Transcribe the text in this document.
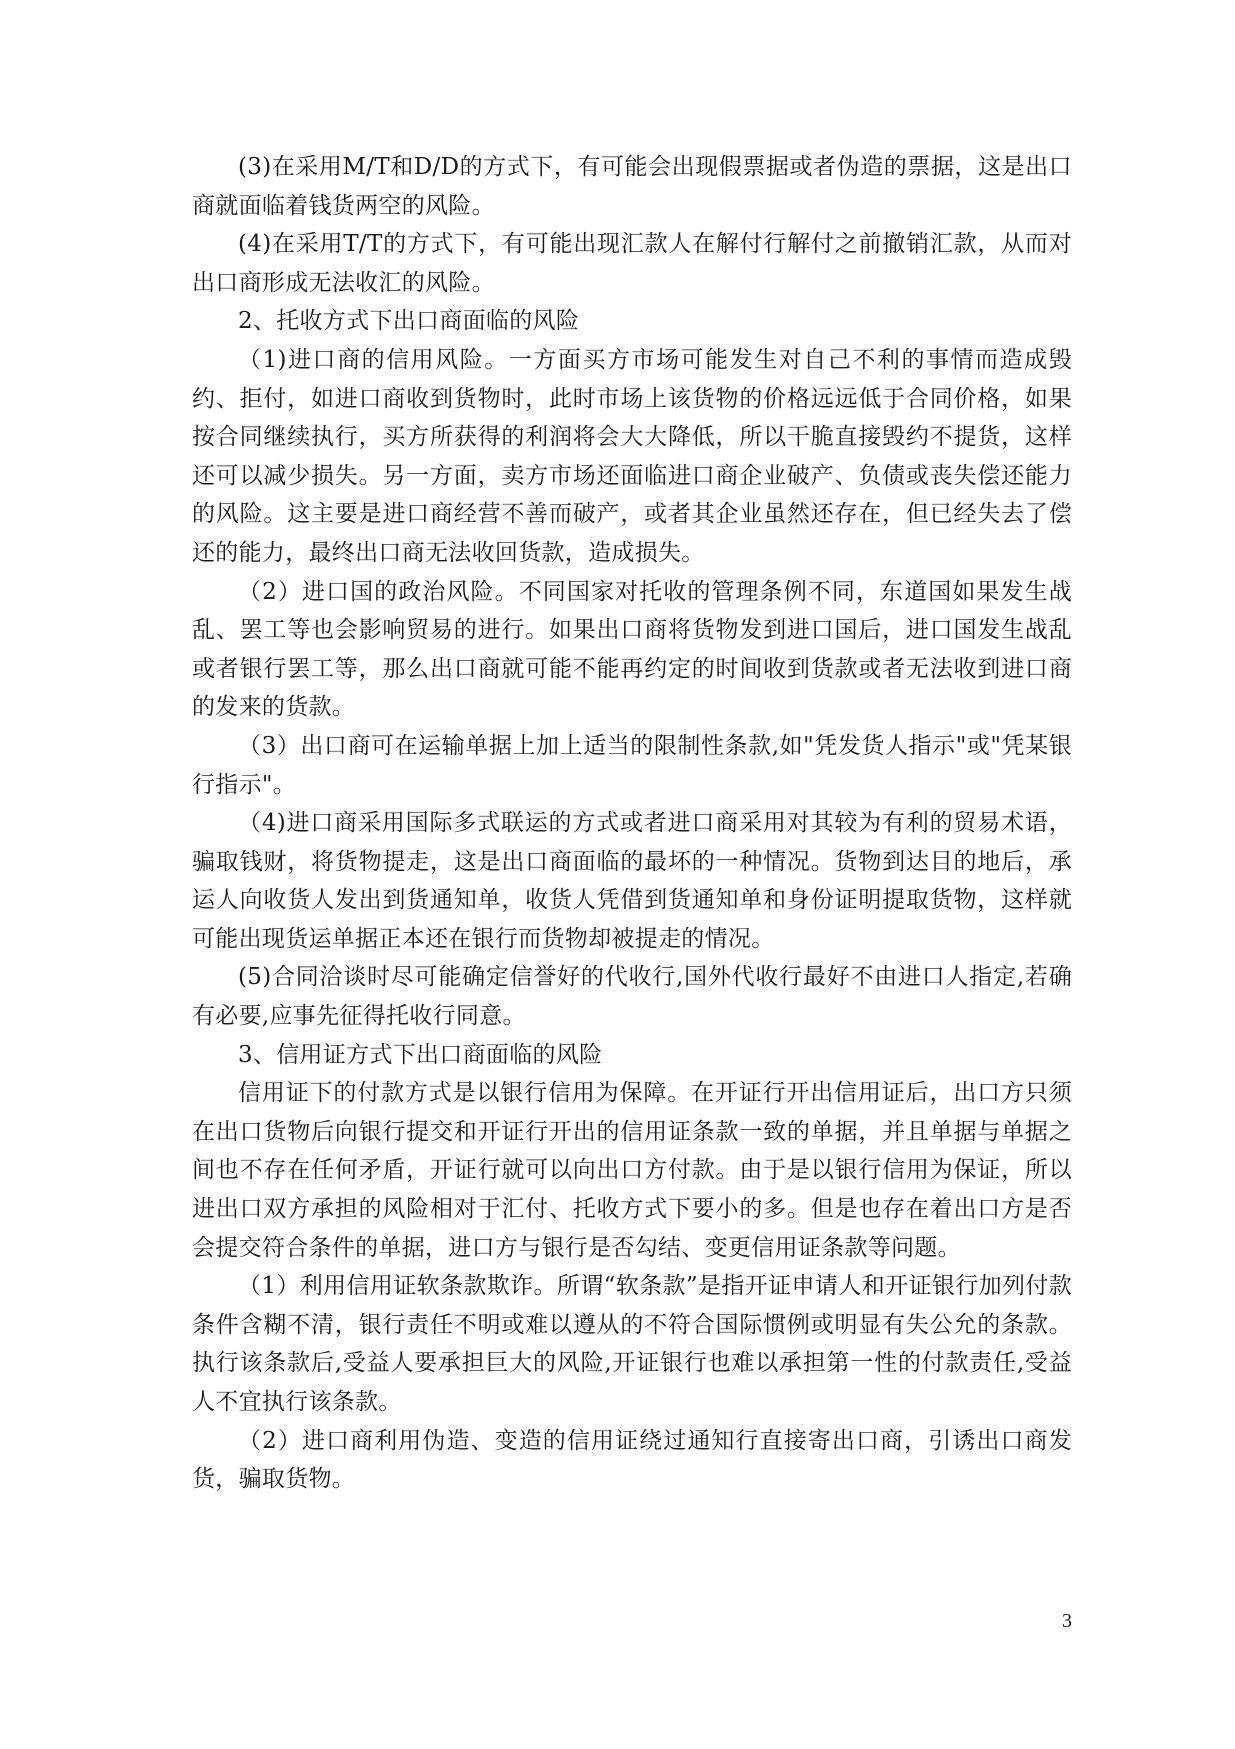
(3)在采用M/T和D/D的方式下，有可能会出现假票据或者伪造的票据，这是出口商就面临着钱货两空的风险。

(4)在采用T/T的方式下，有可能出现汇款人在解付行解付之前撤销汇款，从而对出口商形成无法收汇的风险。

2、托收方式下出口商面临的风险

（1)进口商的信用风险。一方面买方市场可能发生对自己不利的事情而造成毁约、拒付，如进口商收到货物时，此时市场上该货物的价格远远低于合同价格，如果按合同继续执行，买方所获得的利润将会大大降低，所以干脆直接毁约不提货，这样还可以减少损失。另一方面，卖方市场还面临进口商企业破产、负债或丧失偿还能力的风险。这主要是进口商经营不善而破产，或者其企业虽然还存在，但已经失去了偿还的能力，最终出口商无法收回货款，造成损失。

（2）进口国的政治风险。不同国家对托收的管理条例不同，东道国如果发生战乱、罢工等也会影响贸易的进行。如果出口商将货物发到进口国后，进口国发生战乱或者银行罢工等，那么出口商就可能不能再约定的时间收到货款或者无法收到进口商的发来的货款。

（3）出口商可在运输单据上加上适当的限制性条款,如"凭发货人指示"或"凭某银行指示"。

（4)进口商采用国际多式联运的方式或者进口商采用对其较为有利的贸易术语，骗取钱财，将货物提走，这是出口商面临的最坏的一种情况。货物到达目的地后，承运人向收货人发出到货通知单，收货人凭借到货通知单和身份证明提取货物，这样就可能出现货运单据正本还在银行而货物却被提走的情况。

(5)合同洽谈时尽可能确定信誉好的代收行,国外代收行最好不由进口人指定,若确有必要,应事先征得托收行同意。

3、信用证方式下出口商面临的风险

信用证下的付款方式是以银行信用为保障。在开证行开出信用证后，出口方只须在出口货物后向银行提交和开证行开出的信用证条款一致的单据，并且单据与单据之间也不存在任何矛盾，开证行就可以向出口方付款。由于是以银行信用为保证，所以进出口双方承担的风险相对于汇付、托收方式下要小的多。但是也存在着出口方是否会提交符合条件的单据，进口方与银行是否勾结、变更信用证条款等问题。

（1）利用信用证软条款欺诈。所谓“软条款”是指开证申请人和开证银行加列付款条件含糊不清，银行责任不明或难以遵从的不符合国际惯例或明显有失公允的条款。执行该条款后,受益人要承担巨大的风险,开证银行也难以承担第一性的付款责任,受益人不宜执行该条款。

（2）进口商利用伪造、变造的信用证绕过通知行直接寄出口商，引诱出口商发货，骗取货物。

3
